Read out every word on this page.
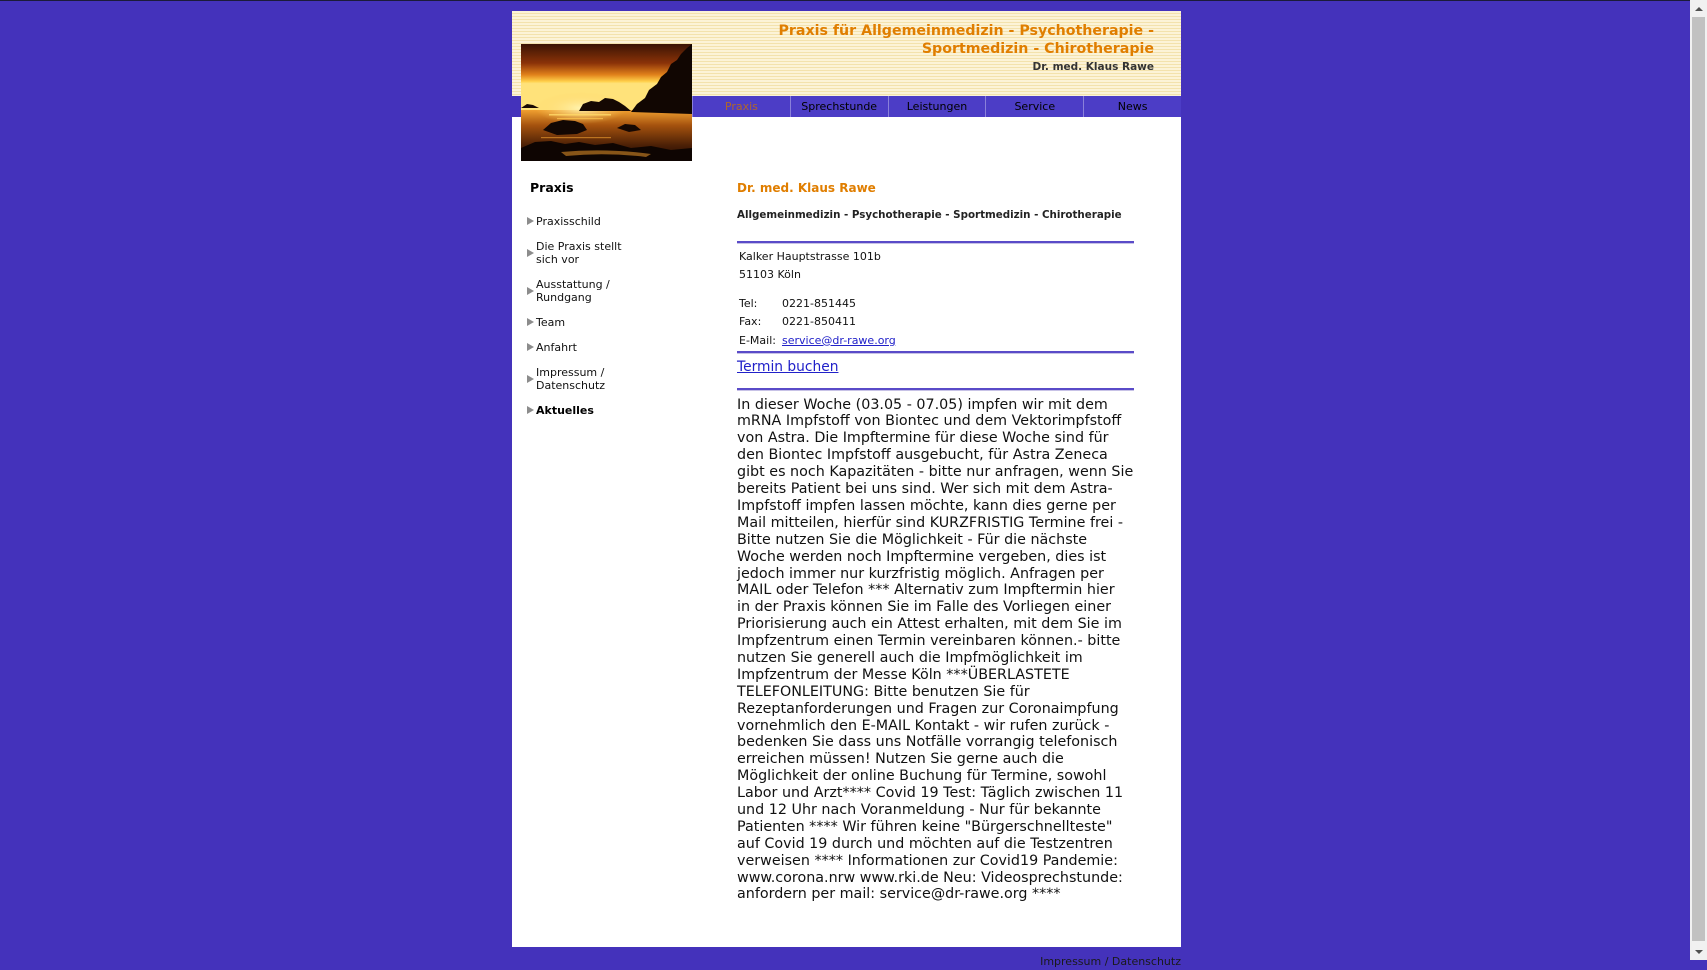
Praxis für Allgemeinmedizin - Psychotherapie -
Sportmedizin - Chirotherapie
Dr. med. Klaus Rawe
Praxis	Sprechstunde	Leistungen	Service	News
Praxis
Praxisschild
Die Praxis stellt
sich vor
Ausstattung /
Rundgang
Team
Anfahrt
Impressum /
Datenschutz
Aktuelles
Dr. med. Klaus Rawe
Allgemeinmedizin - Psychotherapie - Sportmedizin - Chirotherapie
Kalker Hauptstrasse 101b
51103 Köln
Tel: 0221-851445
Fax: 0221-850411
E-Mail: service@dr-rawe.org
Termin buchen
In dieser Woche (03.05 - 07.05) impfen wir mit dem
mRNA Impfstoff von Biontec und dem Vektorimpfstoff
von Astra. Die Impftermine für diese Woche sind für
den Biontec Impfstoff ausgebucht, für Astra Zeneca
gibt es noch Kapazitäten - bitte nur anfragen, wenn Sie
bereits Patient bei uns sind. Wer sich mit dem Astra-
Impfstoff impfen lassen möchte, kann dies gerne per
Mail mitteilen, hierfür sind KURZFRISTIG Termine frei -
Bitte nutzen Sie die Möglichkeit - Für die nächste
Woche werden noch Impftermine vergeben, dies ist
jedoch immer nur kurzfristig möglich. Anfragen per
MAIL oder Telefon *** Alternativ zum Impftermin hier
in der Praxis können Sie im Falle des Vorliegen einer
Priorisierung auch ein Attest erhalten, mit dem Sie im
Impfzentrum einen Termin vereinbaren können.- bitte
nutzen Sie generell auch die Impfmöglichkeit im
Impfzentrum der Messe Köln ***ÜBERLASTETE
TELEFONLEITUNG: Bitte benutzen Sie für
Rezeptanforderungen und Fragen zur Coronaimpfung
vornehmlich den E-MAIL Kontakt - wir rufen zurück -
bedenken Sie dass uns Notfälle vorrangig telefonisch
erreichen müssen! Nutzen Sie gerne auch die
Möglichkeit der online Buchung für Termine, sowohl
Labor und Arzt**** Covid 19 Test: Täglich zwischen 11
und 12 Uhr nach Voranmeldung - Nur für bekannte
Patienten **** Wir führen keine "Bürgerschnellteste"
auf Covid 19 durch und möchten auf die Testzentren
verweisen **** Informationen zur Covid19 Pandemie:
www.corona.nrw www.rki.de Neu: Videosprechstunde:
anfordern per mail: service@dr-rawe.org ****
Impressum / Datenschutz
